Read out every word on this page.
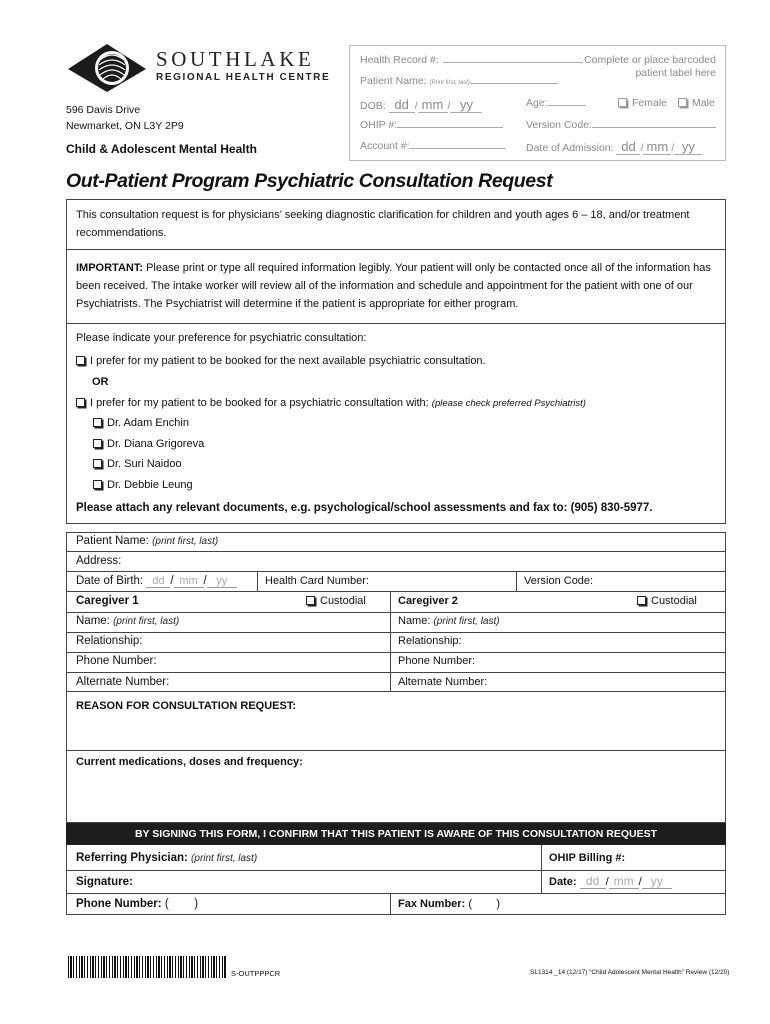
SOUTHLAKE
REGIONAL HEALTH CENTRE
596 Davis Drive
Newmarket, ON L3Y 2P9
Child & Adolescent Mental Health
Health Record #:	Complete or place barcoded patient label here
Patient Name: (Print first, last)
DOB: dd / mm / yy	Age:	Female	Male
OHIP #:	Version Code:
Account #:	Date of Admission: dd / mm / yy
Out-Patient Program Psychiatric Consultation Request
This consultation request is for physicians’ seeking diagnostic clarification for children and youth ages 6 – 18, and/or treatment recommendations.
IMPORTANT: Please print or type all required information legibly. Your patient will only be contacted once all of the information has been received. The intake worker will review all of the information and schedule and appointment for the patient with one of our Psychiatrists. The Psychiatrist will determine if the patient is appropriate for either program.
Please indicate your preference for psychiatric consultation:
I prefer for my patient to be booked for the next available psychiatric consultation.
OR
I prefer for my patient to be booked for a psychiatric consultation with: (please check preferred Psychiatrist)
Dr. Adam Enchin
Dr. Diana Grigoreva
Dr. Suri Naidoo
Dr. Debbie Leung
Please attach any relevant documents, e.g. psychological/school assessments and fax to: (905) 830-5977.
Patient Name: (print first, last)
Address:
Date of Birth: dd / mm / yy	Health Card Number:	Version Code:
Caregiver 1	Custodial	Caregiver 2	Custodial
Name: (print first, last)	Name: (print first, last)
Relationship:	Relationship:
Phone Number:	Phone Number:
Alternate Number:	Alternate Number:
REASON FOR CONSULTATION REQUEST:
Current medications, doses and frequency:
BY SIGNING THIS FORM, I CONFIRM THAT THIS PATIENT IS AWARE OF THIS CONSULTATION REQUEST
Referring Physician: (print first, last)	OHIP Billing #:
Signature:	Date: dd / mm / yy
Phone Number: (        )	Fax Number: (        )
S-OUTPPPCR	SL1314 _14 (12/17) “Child Adolescent Mental Health” Review (12/20)
